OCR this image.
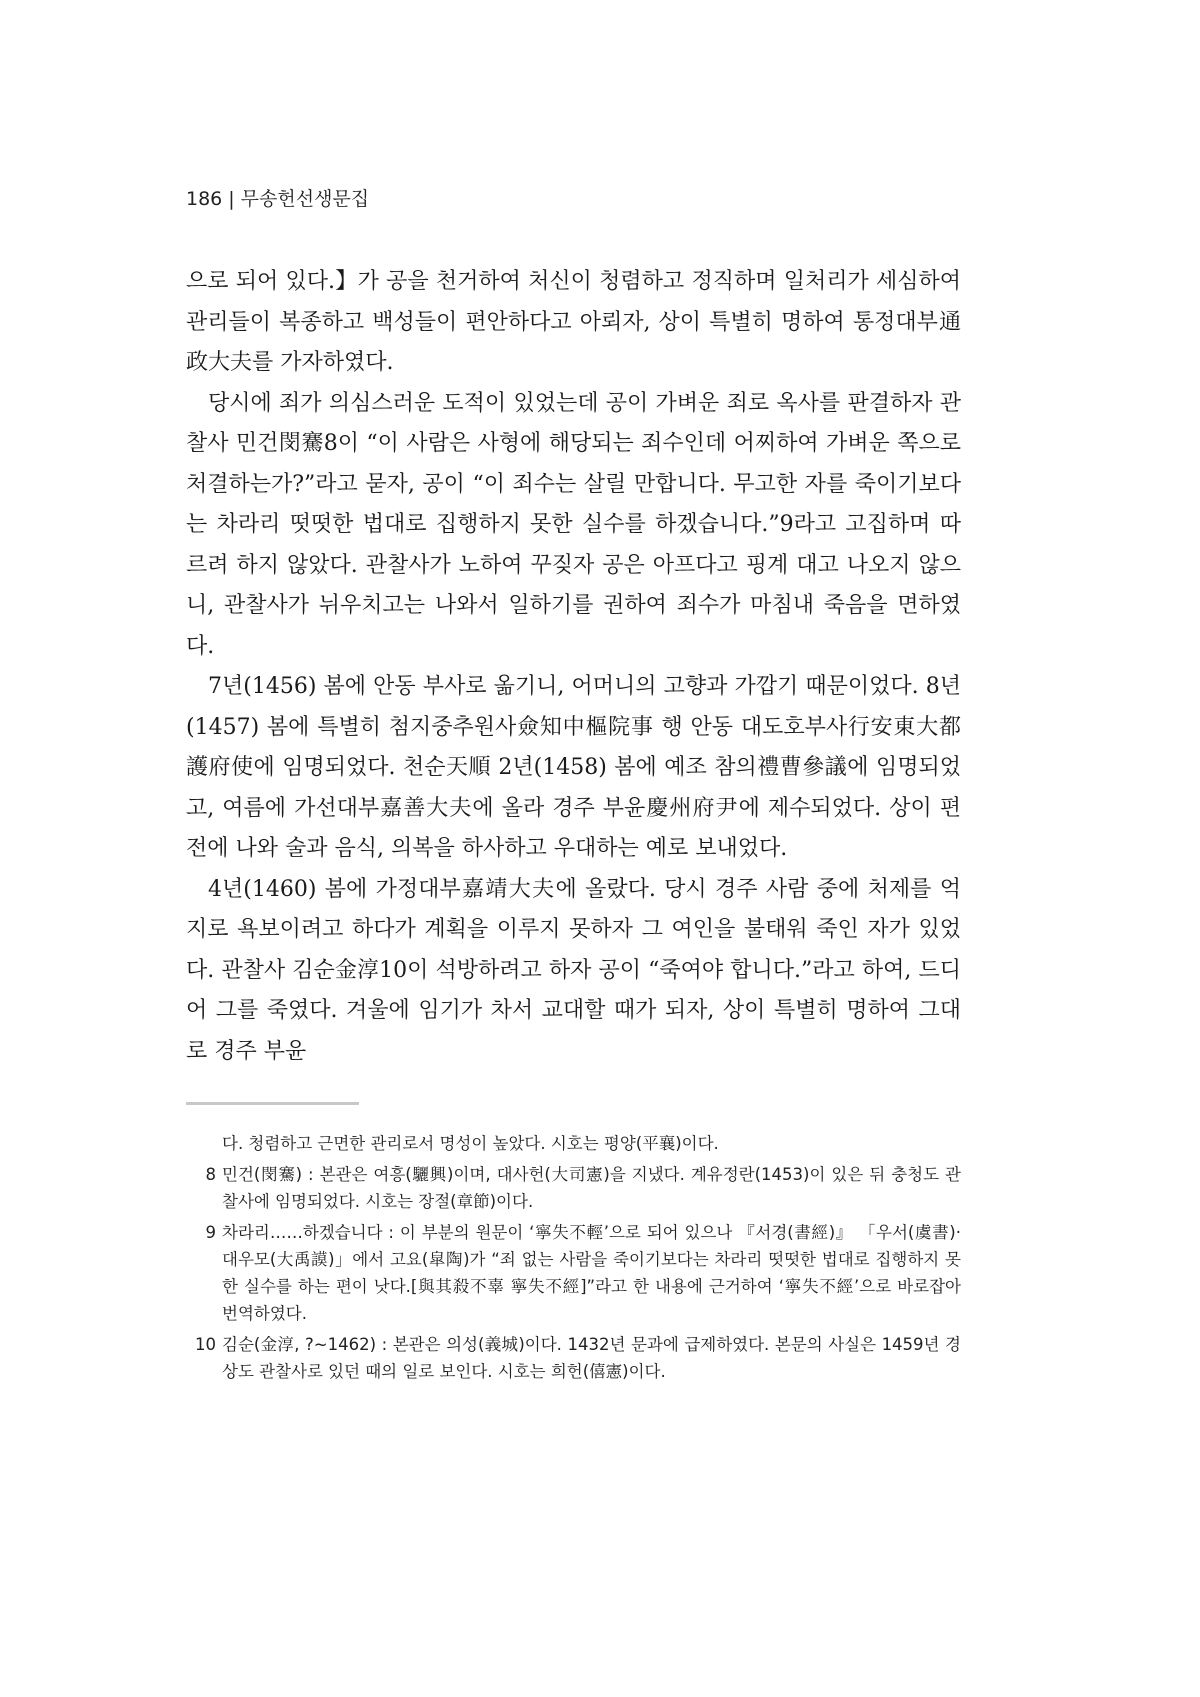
186 | 무송헌선생문집

으로 되어 있다.】가 공을 천거하여 처신이 청렴하고 정직하며 일처리가 세심하여 관리들이 복종하고 백성들이 편안하다고 아뢰자, 상이 특별히 명하여 통정대부通政大夫를 가자하였다.

당시에 죄가 의심스러운 도적이 있었는데 공이 가벼운 죄로 옥사를 판결하자 관찰사 민건閔騫8이 “이 사람은 사형에 해당되는 죄수인데 어찌하여 가벼운 쪽으로 처결하는가?”라고 묻자, 공이 “이 죄수는 살릴 만합니다. 무고한 자를 죽이기보다는 차라리 떳떳한 법대로 집행하지 못한 실수를 하겠습니다.”9라고 고집하며 따르려 하지 않았다. 관찰사가 노하여 꾸짖자 공은 아프다고 핑계 대고 나오지 않으니, 관찰사가 뉘우치고는 나와서 일하기를 권하여 죄수가 마침내 죽음을 면하였다.

7년(1456) 봄에 안동 부사로 옮기니, 어머니의 고향과 가깝기 때문이었다. 8년(1457) 봄에 특별히 첨지중추원사僉知中樞院事 행 안동 대도호부사行安東大都護府使에 임명되었다. 천순天順 2년(1458) 봄에 예조 참의禮曹參議에 임명되었고, 여름에 가선대부嘉善大夫에 올라 경주 부윤慶州府尹에 제수되었다. 상이 편전에 나와 술과 음식, 의복을 하사하고 우대하는 예로 보내었다.

4년(1460) 봄에 가정대부嘉靖大夫에 올랐다. 당시 경주 사람 중에 처제를 억지로 욕보이려고 하다가 계획을 이루지 못하자 그 여인을 불태워 죽인 자가 있었다. 관찰사 김순金淳10이 석방하려고 하자 공이 “죽여야 합니다.”라고 하여, 드디어 그를 죽였다. 겨울에 임기가 차서 교대할 때가 되자, 상이 특별히 명하여 그대로 경주 부윤

다. 청렴하고 근면한 관리로서 명성이 높았다. 시호는 평양(平襄)이다.
8 민건(閔騫) : 본관은 여흥(驪興)이며, 대사헌(大司憲)을 지냈다. 계유정란(1453)이 있은 뒤 충청도 관찰사에 임명되었다. 시호는 장절(章節)이다.
9 차라리……하겠습니다 : 이 부분의 원문이 ‘寧失不輕’으로 되어 있으나 『서경(書經)』 「우서(虞書)·대우모(大禹謨)」에서 고요(皐陶)가 “죄 없는 사람을 죽이기보다는 차라리 떳떳한 법대로 집행하지 못한 실수를 하는 편이 낫다.[與其殺不辜 寧失不經]”라고 한 내용에 근거하여 ‘寧失不經’으로 바로잡아 번역하였다.
10 김순(金淳, ?~1462) : 본관은 의성(義城)이다. 1432년 문과에 급제하였다. 본문의 사실은 1459년 경상도 관찰사로 있던 때의 일로 보인다. 시호는 희헌(僖憲)이다.
